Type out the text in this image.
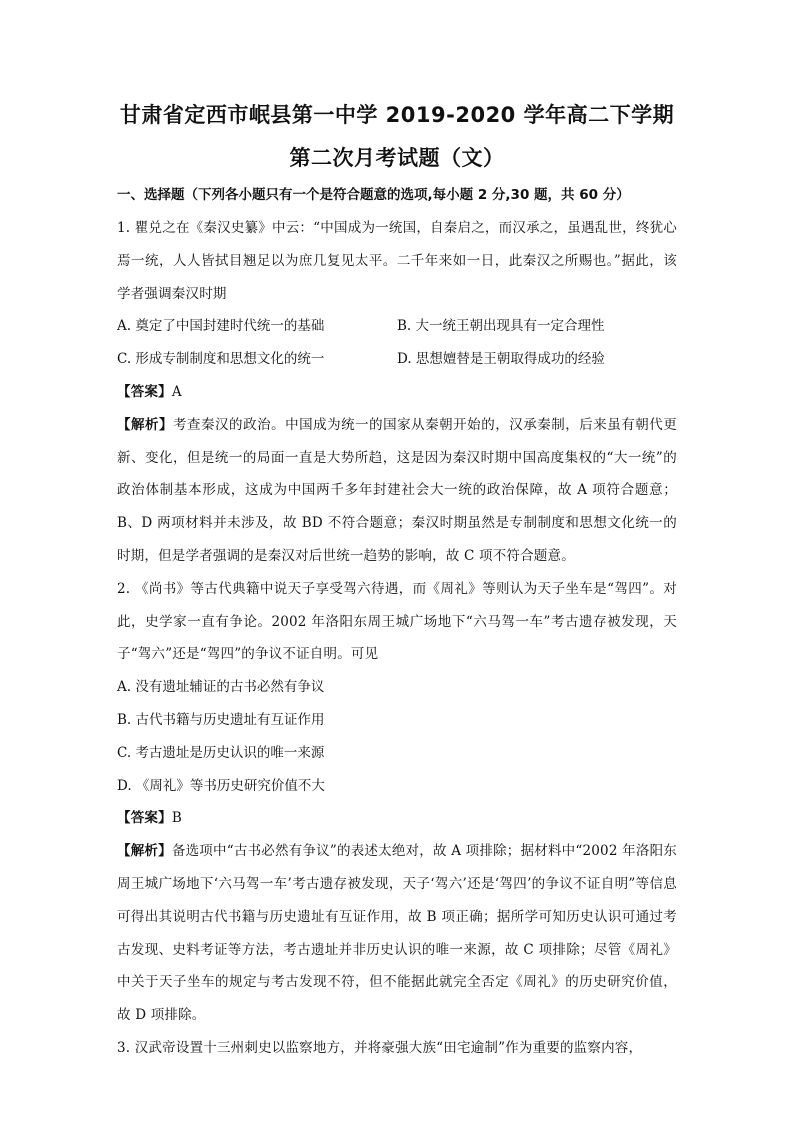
甘肃省定西市岷县第一中学 2019-2020 学年高二下学期
第二次月考试题（文）
一、选择题（下列各小题只有一个是符合题意的选项,每小题 2 分,30 题，共 60 分）
1. 瞿兑之在《秦汉史纂》中云：“中国成为一统国，自秦启之，而汉承之，虽遇乱世，终犹心焉一统，人人皆拭目翘足以为庶几复见太平。二千年来如一日，此秦汉之所赐也。”据此，该学者强调秦汉时期
A. 奠定了中国封建时代统一的基础	B. 大一统王朝出现具有一定合理性
C. 形成专制制度和思想文化的统一	D. 思想嬗替是王朝取得成功的经验
【答案】A
【解析】考查秦汉的政治。中国成为统一的国家从秦朝开始的，汉承秦制，后来虽有朝代更新、变化，但是统一的局面一直是大势所趋，这是因为秦汉时期中国高度集权的“大一统”的政治体制基本形成，这成为中国两千多年封建社会大一统的政治保障，故 A 项符合题意；B、D 两项材料并未涉及，故 BD 不符合题意；秦汉时期虽然是专制制度和思想文化统一的时期，但是学者强调的是秦汉对后世统一趋势的影响，故 C 项不符合题意。
2. 《尚书》等古代典籍中说天子享受驾六待遇，而《周礼》等则认为天子坐车是“驾四”。对此，史学家一直有争论。2002 年洛阳东周王城广场地下“六马驾一车”考古遗存被发现，天子“驾六”还是“驾四”的争议不证自明。可见
A. 没有遗址辅证的古书必然有争议
B. 古代书籍与历史遗址有互证作用
C. 考古遗址是历史认识的唯一来源
D. 《周礼》等书历史研究价值不大
【答案】B
【解析】备选项中“古书必然有争议”的表述太绝对，故 A 项排除；据材料中“2002 年洛阳东周王城广场地下‘六马驾一车’考古遗存被发现，天子‘驾六’还是‘驾四’的争议不证自明”等信息可得出其说明古代书籍与历史遗址有互证作用，故 B 项正确；据所学可知历史认识可通过考古发现、史料考证等方法，考古遗址并非历史认识的唯一来源，故 C 项排除；尽管《周礼》中关于天子坐车的规定与考古发现不符，但不能据此就完全否定《周礼》的历史研究价值，故 D 项排除。
3. 汉武帝设置十三州刺史以监察地方，并将豪强大族“田宅逾制”作为重要的监察内容，
